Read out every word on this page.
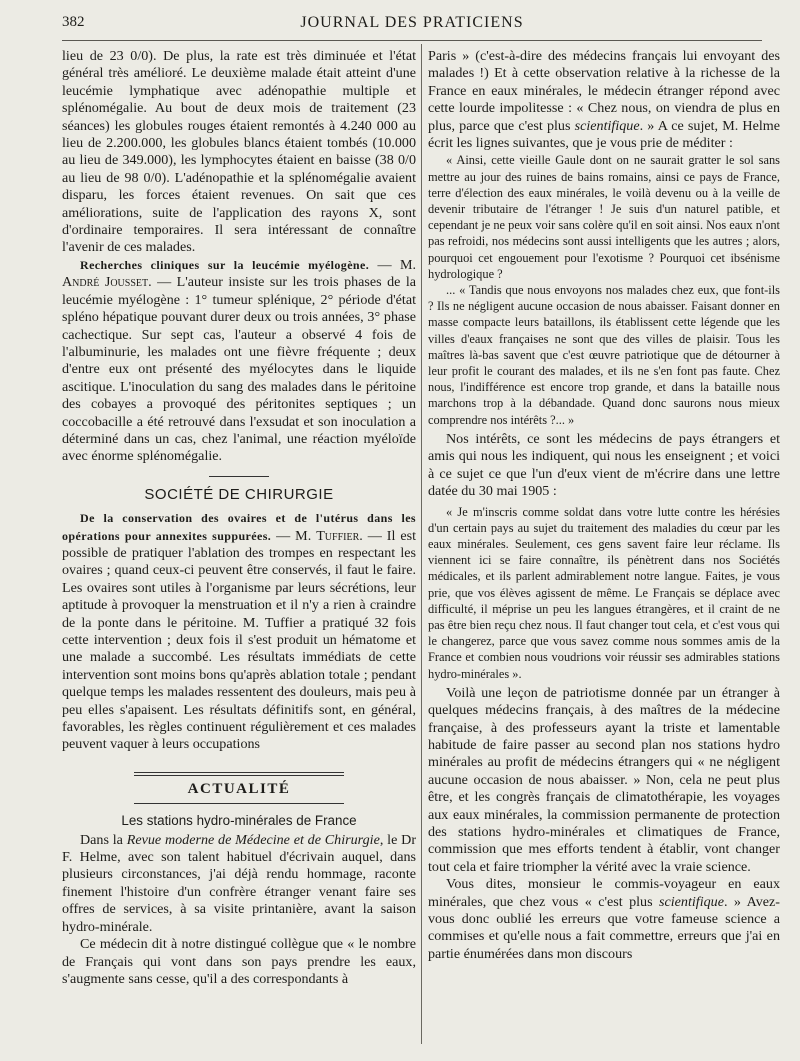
382	JOURNAL DES PRATICIENS

lieu de 23 0/0). De plus, la rate est très diminuée et l'état général très amélioré. Le deuxième malade était atteint d'une leucémie lymphatique avec adénopathie multiple et splénomégalie. Au bout de deux mois de traitement (23 séances) les globules rouges étaient remontés à 4.240 000 au lieu de 2.200.000, les globules blancs étaient tombés (10.000 au lieu de 349.000), les lymphocytes étaient en baisse (38 0/0 au lieu de 98 0/0). L'adénopathie et la splénomégalie avaient disparu, les forces étaient revenues. On sait que ces améliorations, suite de l'application des rayons X, sont d'ordinaire temporaires. Il sera intéressant de connaître l'avenir de ces malades.

Recherches cliniques sur la leucémie myélogène. — M. André Jousset. — L'auteur insiste sur les trois phases de la leucémie myélogène : 1° tumeur splénique, 2° période d'état spléno hépatique pouvant durer deux ou trois années, 3° phase cachectique. Sur sept cas, l'auteur a observé 4 fois de l'albuminurie, les malades ont une fièvre fréquente ; deux d'entre eux ont présenté des myélocytes dans le liquide ascitique. L'inoculation du sang des malades dans le péritoine des cobayes a provoqué des péritonites septiques ; un coccobacille a été retrouvé dans l'exsudat et son inoculation a déterminé dans un cas, chez l'animal, une réaction myéloïde avec énorme splénomégalie.

SOCIÉTÉ DE CHIRURGIE

De la conservation des ovaires et de l'utérus dans les opérations pour annexites suppurées. — M. Tuffier. — Il est possible de pratiquer l'ablation des trompes en respectant les ovaires ; quand ceux-ci peuvent être conservés, il faut le faire. Les ovaires sont utiles à l'organisme par leurs sécrétions, leur aptitude à provoquer la menstruation et il n'y a rien à craindre de la ponte dans le péritoine. M. Tuffier a pratiqué 32 fois cette intervention ; deux fois il s'est produit un hématome et une malade a succombé. Les résultats immédiats de cette intervention sont moins bons qu'après ablation totale ; pendant quelque temps les malades ressentent des douleurs, mais peu à peu elles s'apaisent. Les résultats définitifs sont, en général, favorables, les règles continuent régulièrement et ces malades peuvent vaquer à leurs occupations

ACTUALITÉ
Les stations hydro-minérales de France

Dans la Revue moderne de Médecine et de Chirurgie, le Dr F. Helme, avec son talent habituel d'écrivain auquel, dans plusieurs circonstances, j'ai déjà rendu hommage, raconte finement l'histoire d'un confrère étranger venant faire ses offres de services, à sa visite printanière, avant la saison hydro-minérale.

Ce médecin dit à notre distingué collègue que « le nombre de Français qui vont dans son pays prendre les eaux, s'augmente sans cesse, qu'il a des correspondants à

Paris » (c'est-à-dire des médecins français lui envoyant des malades !) Et à cette observation relative à la richesse de la France en eaux minérales, le médecin étranger répond avec cette lourde impolitesse : « Chez nous, on viendra de plus en plus, parce que c'est plus scientifique. » A ce sujet, M. Helme écrit les lignes suivantes, que je vous prie de méditer :

« Ainsi, cette vieille Gaule dont on ne saurait gratter le sol sans mettre au jour des ruines de bains romains, ainsi ce pays de France, terre d'élection des eaux minérales, le voilà devenu ou à la veille de devenir tributaire de l'étranger ! Je suis d'un naturel patible, et cependant je ne peux voir sans colère qu'il en soit ainsi. Nos eaux n'ont pas refroidi, nos médecins sont aussi intelligents que les autres ; alors, pourquoi cet engouement pour l'exotisme ? Pourquoi cet ibsénisme hydrologique ?

... « Tandis que nous envoyons nos malades chez eux, que font-ils ? Ils ne négligent aucune occasion de nous abaisser. Faisant donner en masse compacte leurs bataillons, ils établissent cette légende que les villes d'eaux françaises ne sont que des villes de plaisir. Tous les maîtres là-bas savent que c'est œuvre patriotique que de détourner à leur profit le courant des malades, et ils ne s'en font pas faute. Chez nous, l'indifférence est encore trop grande, et dans la bataille nous marchons trop à la débandade. Quand donc saurons nous mieux comprendre nos intérêts ?... »

Nos intérêts, ce sont les médecins de pays étrangers et amis qui nous les indiquent, qui nous les enseignent ; et voici à ce sujet ce que l'un d'eux vient de m'écrire dans une lettre datée du 30 mai 1905 :

« Je m'inscris comme soldat dans votre lutte contre les hérésies d'un certain pays au sujet du traitement des maladies du cœur par les eaux minérales. Seulement, ces gens savent faire leur réclame. Ils viennent ici se faire connaître, ils pénètrent dans nos Sociétés médicales, et ils parlent admirablement notre langue. Faites, je vous prie, que vos élèves agissent de même. Le Français se déplace avec difficulté, il méprise un peu les langues étrangères, et il craint de ne pas être bien reçu chez nous. Il faut changer tout cela, et c'est vous qui le changerez, parce que vous savez comme nous sommes amis de la France et combien nous voudrions voir réussir ses admirables stations hydro-minérales ».

Voilà une leçon de patriotisme donnée par un étranger à quelques médecins français, à des maîtres de la médecine française, à des professeurs ayant la triste et lamentable habitude de faire passer au second plan nos stations hydro minérales au profit de médecins étrangers qui « ne négligent aucune occasion de nous abaisser. » Non, cela ne peut plus être, et les congrès français de climatothérapie, les voyages aux eaux minérales, la commission permanente de protection des stations hydro-minérales et climatiques de France, commission que mes efforts tendent à établir, vont changer tout cela et faire triompher la vérité avec la vraie science.

Vous dites, monsieur le commis-voyageur en eaux minérales, que chez vous « c'est plus scientifique. » Avez-vous donc oublié les erreurs que votre fameuse science a commises et qu'elle nous a fait commettre, erreurs que j'ai en partie énumérées dans mon discours
